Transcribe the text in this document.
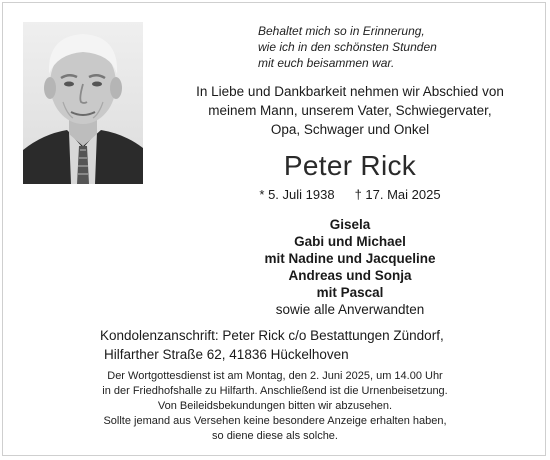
Behaltet mich so in Erinnerung,
wie ich in den schönsten Stunden
mit euch beisammen war.
In Liebe und Dankbarkeit nehmen wir Abschied von
meinem Mann, unserem Vater, Schwiegervater,
Opa, Schwager und Onkel
Peter Rick
* 5. Juli 1938 † 17. Mai 2025
Gisela
Gabi und Michael
mit Nadine und Jacqueline
Andreas und Sonja
mit Pascal
sowie alle Anverwandten
Kondolenzanschrift: Peter Rick c/o Bestattungen Zündorf,
Hilfarther Straße 62, 41836 Hückelhoven
Der Wortgottesdienst ist am Montag, den 2. Juni 2025, um 14.00 Uhr
in der Friedhofshalle zu Hilfarth. Anschließend ist die Urnenbeisetzung.
Von Beileidsbekundungen bitten wir abzusehen.
Sollte jemand aus Versehen keine besondere Anzeige erhalten haben,
so diene diese als solche.
